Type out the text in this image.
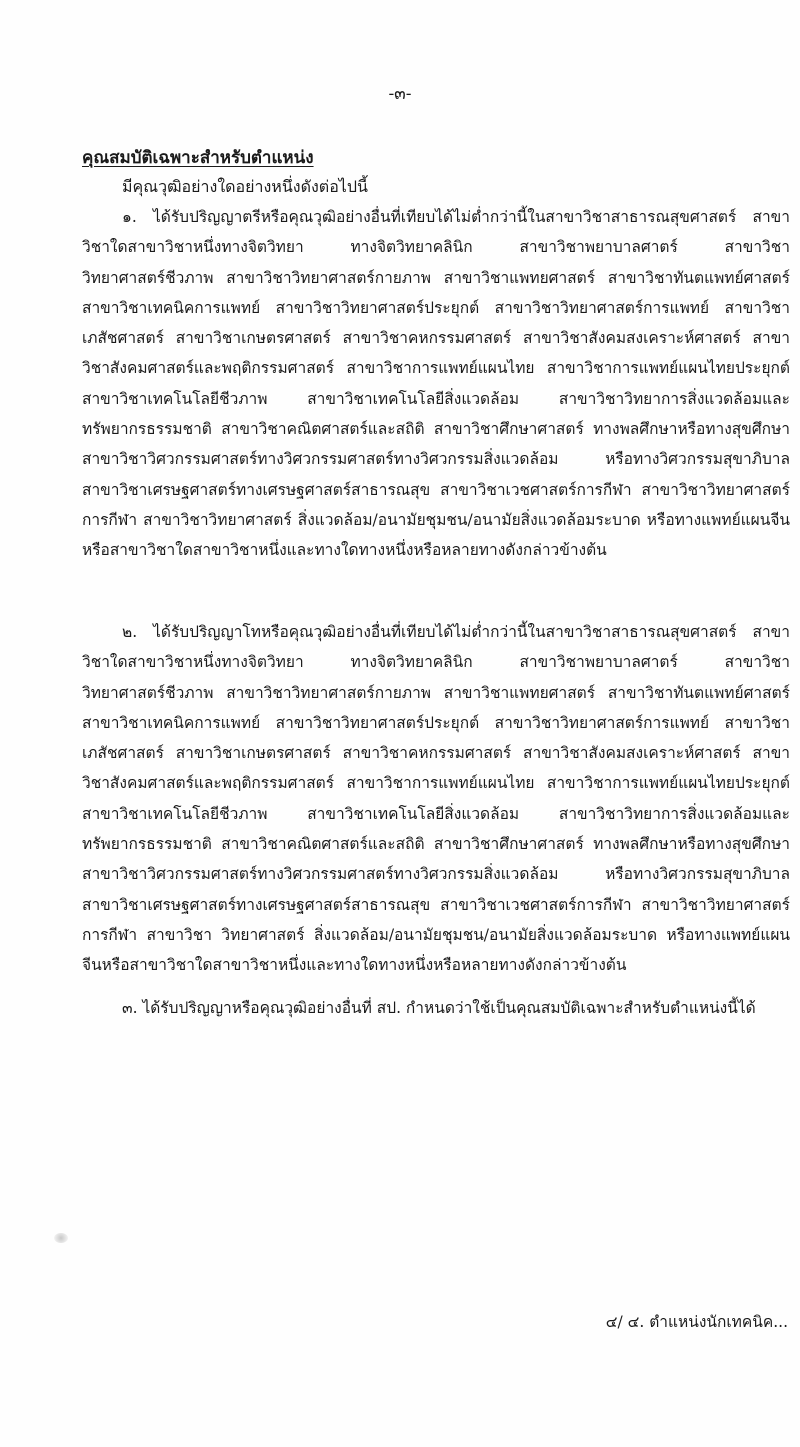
-๓-
คุณสมบัติเฉพาะสำหรับตำแหน่ง
มีคุณวุฒิอย่างใดอย่างหนึ่งดังต่อไปนี้

๑. ได้รับปริญญาตรีหรือคุณวุฒิอย่างอื่นที่เทียบได้ไม่ต่ำกว่านี้ในสาขาวิชาสาธารณสุขศาสตร์ สาขาวิชาใดสาขาวิชาหนึ่งทางจิตวิทยา ทางจิตวิทยาคลินิก สาขาวิชาพยาบาลศาตร์ สาขาวิชาวิทยาศาสตร์ชีวภาพ สาขาวิชาวิทยาศาสตร์กายภาพ สาขาวิชาแพทยศาสตร์ สาขาวิชาทันตแพทย์ศาสตร์ สาขาวิชาเทคนิคการแพทย์ สาขาวิชาวิทยาศาสตร์ประยุกต์ สาขาวิชาวิทยาศาสตร์การแพทย์ สาขาวิชาเภสัชศาสตร์ สาขาวิชาเกษตรศาสตร์ สาขาวิชาคหกรรมศาสตร์ สาขาวิชาสังคมสงเคราะห์ศาสตร์ สาขาวิชาสังคมศาสตร์และพฤติกรรมศาสตร์ สาขาวิชาการแพทย์แผนไทย สาขาวิชาการแพทย์แผนไทยประยุกต์ สาขาวิชาเทคโนโลยีชีวภาพ สาขาวิชาเทคโนโลยีสิ่งแวดล้อม สาขาวิชาวิทยาการสิ่งแวดล้อมและทรัพยากรธรรมชาติ สาขาวิชาคณิตศาสตร์และสถิติ สาขาวิชาศึกษาศาสตร์ ทางพลศึกษาหรือทางสุขศึกษา สาขาวิชาวิศวกรรมศาสตร์ทางวิศวกรรมศาสตร์ทางวิศวกรรมสิ่งแวดล้อม หรือทางวิศวกรรมสุขาภิบาล สาขาวิชาเศรษฐศาสตร์ทางเศรษฐศาสตร์สาธารณสุข สาขาวิชาเวชศาสตร์การกีฬา สาขาวิชาวิทยาศาสตร์ การกีฬา สาขาวิชาวิทยาศาสตร์ สิ่งแวดล้อม/อนามัยชุมชน/อนามัยสิ่งแวดล้อมระบาด หรือทางแพทย์แผนจีน หรือสาขาวิชาใดสาขาวิชาหนึ่งและทางใดทางหนึ่งหรือหลายทางดังกล่าวข้างต้น

๒. ได้รับปริญญาโทหรือคุณวุฒิอย่างอื่นที่เทียบได้ไม่ต่ำกว่านี้ในสาขาวิชาสาธารณสุขศาสตร์ สาขาวิชาใดสาขาวิชาหนึ่งทางจิตวิทยา ทางจิตวิทยาคลินิก สาขาวิชาพยาบาลศาตร์ สาขาวิชาวิทยาศาสตร์ชีวภาพ สาขาวิชาวิทยาศาสตร์กายภาพ สาขาวิชาแพทยศาสตร์ สาขาวิชาทันตแพทย์ศาสตร์สาขาวิชาเทคนิคการแพทย์ สาขาวิชาวิทยาศาสตร์ประยุกต์ สาขาวิชาวิทยาศาสตร์การแพทย์ สาขาวิชาเภสัชศาสตร์ สาขาวิชาเกษตรศาสตร์ สาขาวิชาคหกรรมศาสตร์ สาขาวิชาสังคมสงเคราะห์ศาสตร์ สาขาวิชาสังคมศาสตร์และพฤติกรรมศาสตร์ สาขาวิชาการแพทย์แผนไทย สาขาวิชาการแพทย์แผนไทยประยุกต์ สาขาวิชาเทคโนโลยีชีวภาพ สาขาวิชาเทคโนโลยีสิ่งแวดล้อม สาขาวิชาวิทยาการสิ่งแวดล้อมและทรัพยากรธรรมชาติ สาขาวิชาคณิตศาสตร์และสถิติ สาขาวิชาศึกษาศาสตร์ ทางพลศึกษาหรือทางสุขศึกษา สาขาวิชาวิศวกรรมศาสตร์ทางวิศวกรรมศาสตร์ทางวิศวกรรมสิ่งแวดล้อม หรือทางวิศวกรรมสุขาภิบาล สาขาวิชาเศรษฐศาสตร์ทางเศรษฐศาสตร์สาธารณสุข สาขาวิชาเวชศาสตร์การกีฬา สาขาวิชาวิทยาศาสตร์การกีฬา สาขาวิชา วิทยาศาสตร์ สิ่งแวดล้อม/อนามัยชุมชน/อนามัยสิ่งแวดล้อมระบาด หรือทางแพทย์แผนจีนหรือสาขาวิชาใดสาขาวิชาหนึ่งและทางใดทางหนึ่งหรือหลายทางดังกล่าวข้างต้น

๓. ได้รับปริญญาหรือคุณวุฒิอย่างอื่นที่ สป. กำหนดว่าใช้เป็นคุณสมบัติเฉพาะสำหรับตำแหน่งนี้ได้
๔/ ๔. ตำแหน่งนักเทคนิค...
